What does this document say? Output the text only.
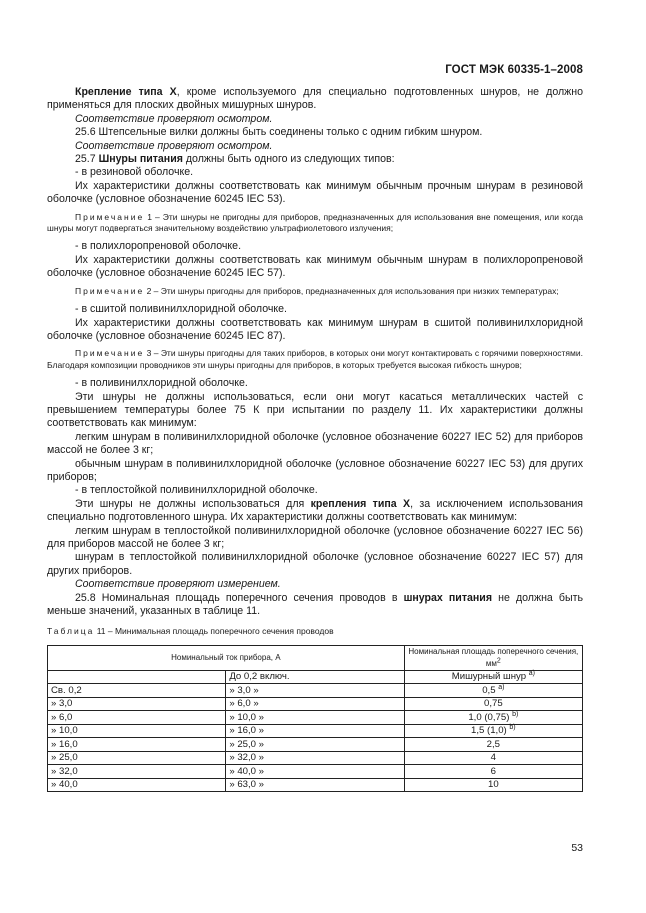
ГОСТ МЭК 60335-1–2008

Крепление типа Х, кроме используемого для специально подготовленных шнуров, не должно применяться для плоских двойных мишурных шнуров.

Соответствие проверяют осмотром.

25.6 Штепсельные вилки должны быть соединены только с одним гибким шнуром.

Соответствие проверяют осмотром.

25.7 Шнуры питания должны быть одного из следующих типов:

- в резиновой оболочке.

Их характеристики должны соответствовать как минимум обычным прочным шнурам в резиновой оболочке (условное обозначение 60245 IEC 53).

Примечание 1 – Эти шнуры не пригодны для приборов, предназначенных для использования вне помещения, или когда шнуры могут подвергаться значительному воздействию ультрафиолетового излучения;

- в полихлоропреновой оболочке.

Их характеристики должны соответствовать как минимум обычным шнурам в полихлоропреновой оболочке (условное обозначение 60245 IEC 57).

Примечание 2 – Эти шнуры пригодны для приборов, предназначенных для использования при низких температурах;

- в сшитой поливинилхлоридной оболочке.

Их характеристики должны соответствовать как минимум шнурам в сшитой поливинилхлоридной оболочке (условное обозначение 60245 IEC 87).

Примечание 3 – Эти шнуры пригодны для таких приборов, в которых они могут контактировать с горячими поверхностями. Благодаря композиции проводников эти шнуры пригодны для приборов, в которых требуется высокая гибкость шнуров;

- в поливинилхлоридной оболочке.

Эти шнуры не должны использоваться, если они могут касаться металлических частей с превышением температуры более 75 К при испытании по разделу 11. Их характеристики должны соответствовать как минимум:

легким шнурам в поливинилхлоридной оболочке (условное обозначение 60227 IEC 52) для приборов массой не более 3 кг;

обычным шнурам в поливинилхлоридной оболочке (условное обозначение 60227 IEC 53) для других приборов;

- в теплостойкой поливинилхлоридной оболочке.

Эти шнуры не должны использоваться для крепления типа Х, за исключением использования специально подготовленного шнура. Их характеристики должны соответствовать как минимум:

легким шнурам в теплостойкой поливинилхлоридной оболочке (условное обозначение 60227 IEC 56) для приборов массой не более 3 кг;

шнурам в теплостойкой поливинилхлоридной оболочке (условное обозначение 60227 IEC 57) для других приборов.

Соответствие проверяют измерением.

25.8 Номинальная площадь поперечного сечения проводов в шнурах питания не должна быть меньше значений, указанных в таблице 11.

Таблица 11 – Минимальная площадь поперечного сечения проводов

Номинальный ток прибора, А		Номинальная площадь поперечного сечения, $мм^2$
	До 0,2 включ.	Мишурный шнур $^{а)}$
Св. 0,2	» 3,0 »	0,5 $^{а)}$
» 3,0	» 6,0 »	0,75
» 6,0	» 10,0 »	1,0 (0,75) $^{b)}$
» 10,0	» 16,0 »	1,5 (1,0) $^{b)}$
» 16,0	» 25,0 »	2,5
» 25,0	» 32,0 »	4
» 32,0	» 40,0 »	6
» 40,0	» 63,0 »	10
53
